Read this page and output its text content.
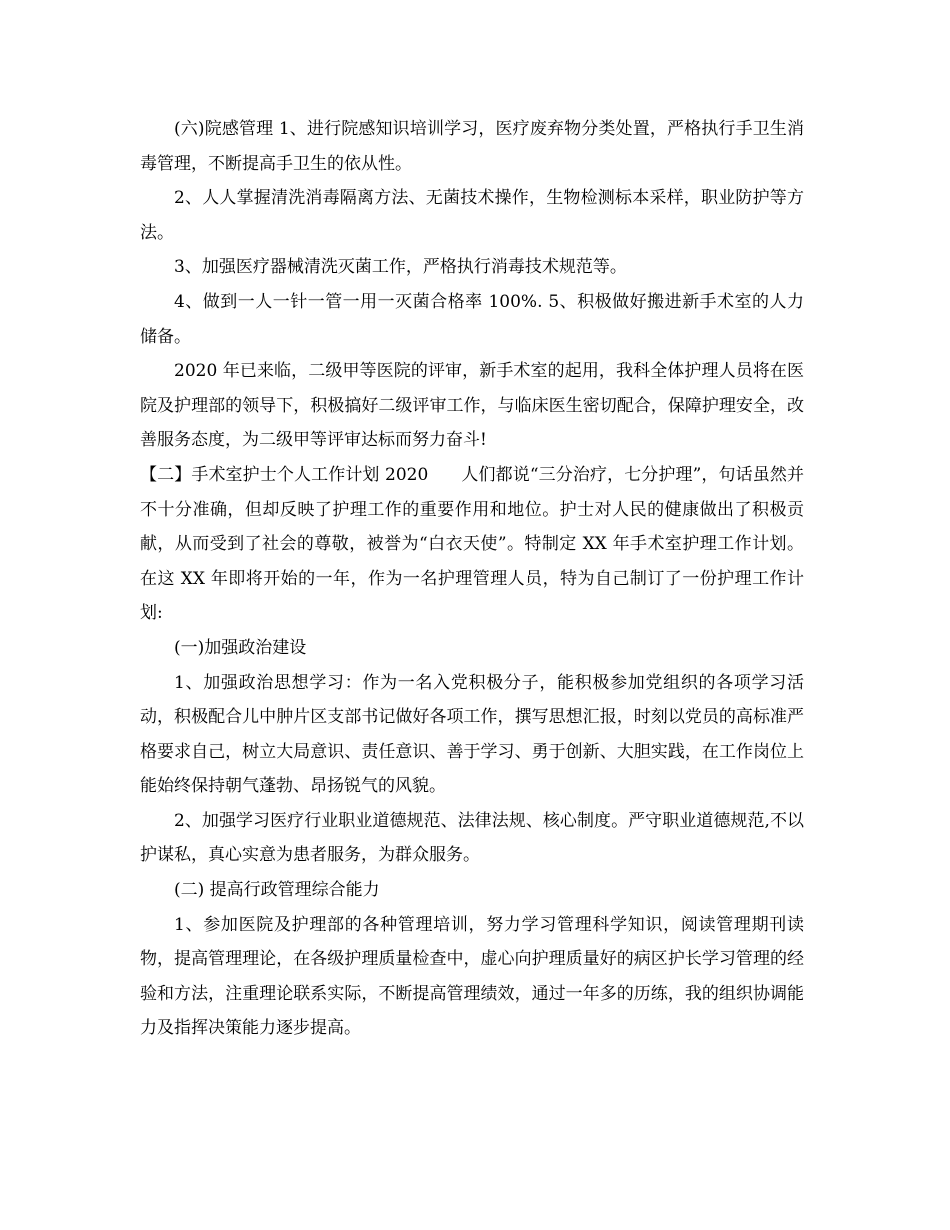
(六)院感管理 1、进行院感知识培训学习，医疗废弃物分类处置，严格执行手卫生消毒管理，不断提高手卫生的依从性。

2、人人掌握清洗消毒隔离方法、无菌技术操作，生物检测标本采样，职业防护等方法。

3、加强医疗器械清洗灭菌工作，严格执行消毒技术规范等。

4、做到一人一针一管一用一灭菌合格率 100%. 5、积极做好搬进新手术室的人力储备。

2020 年已来临，二级甲等医院的评审，新手术室的起用，我科全体护理人员将在医院及护理部的领导下，积极搞好二级评审工作，与临床医生密切配合，保障护理安全，改善服务态度，为二级甲等评审达标而努力奋斗!

【二】手术室护士个人工作计划 2020      人们都说“三分治疗，七分护理”，句话虽然并不十分准确，但却反映了护理工作的重要作用和地位。护士对人民的健康做出了积极贡献，从而受到了社会的尊敬，被誉为“白衣天使”。特制定 XX 年手术室护理工作计划。在这 XX 年即将开始的一年，作为一名护理管理人员，特为自己制订了一份护理工作计划:

(一)加强政治建设

1、加强政治思想学习：作为一名入党积极分子，能积极参加党组织的各项学习活动，积极配合儿中肿片区支部书记做好各项工作，撰写思想汇报，时刻以党员的高标准严格要求自己，树立大局意识、责任意识、善于学习、勇于创新、大胆实践，在工作岗位上能始终保持朝气蓬勃、昂扬锐气的风貌。

2、加强学习医疗行业职业道德规范、法律法规、核心制度。严守职业道德规范,不以护谋私，真心实意为患者服务，为群众服务。

(二) 提高行政管理综合能力

1、参加医院及护理部的各种管理培训，努力学习管理科学知识，阅读管理期刊读物，提高管理理论，在各级护理质量检查中，虚心向护理质量好的病区护长学习管理的经验和方法，注重理论联系实际，不断提高管理绩效，通过一年多的历练，我的组织协调能力及指挥决策能力逐步提高。
